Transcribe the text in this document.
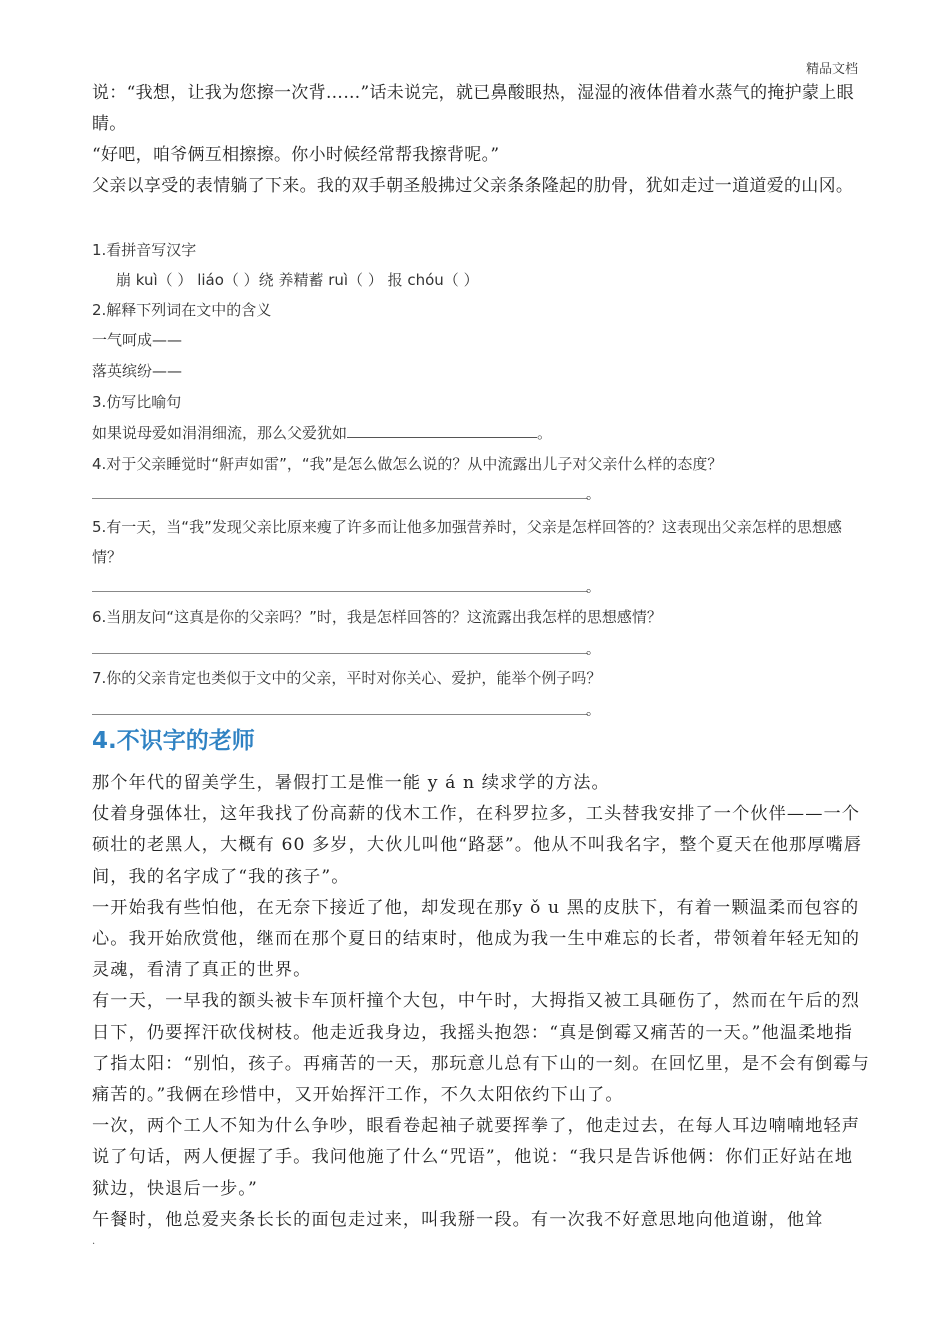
精品文档

说：“我想，让我为您擦一次背……”话未说完，就已鼻酸眼热，湿湿的液体借着水蒸气的掩护蒙上眼睛。

“好吧，咱爷俩互相擦擦。你小时候经常帮我擦背呢。”

父亲以享受的表情躺了下来。我的双手朝圣般拂过父亲条条隆起的肋骨，犹如走过一道道爱的山冈。

1.看拼音写汉字

崩 kuì（ ） liáo（ ）绕 养精蓄 ruì（ ） 报 chóu（ ）

2.解释下列词在文中的含义

一气呵成——

落英缤纷——

3.仿写比喻句

如果说母爱如涓涓细流，那么父爱犹如	。

4.对于父亲睡觉时“鼾声如雷”，“我”是怎么做怎么说的？从中流露出儿子对父亲什么样的态度？

。

5.有一天，当“我”发现父亲比原来瘦了许多而让他多加强营养时，父亲是怎样回答的？这表现出父亲怎样的思想感情？

。

6.当朋友问“这真是你的父亲吗？”时，我是怎样回答的？这流露出我怎样的思想感情？

。

7.你的父亲肯定也类似于文中的父亲，平时对你关心、爱护，能举个例子吗？

。
4.不识字的老师

那个年代的留美学生，暑假打工是惟一能 y á n 续求学的方法。

仗着身强体壮，这年我找了份高薪的伐木工作，在科罗拉多，工头替我安排了一个伙伴——一个硕壮的老黑人，大概有 60 多岁，大伙儿叫他“路瑟”。他从不叫我名字，整个夏天在他那厚嘴唇间，我的名字成了“我的孩子”。

一开始我有些怕他，在无奈下接近了他，却发现在那y ǒ u 黑的皮肤下，有着一颗温柔而包容的心。我开始欣赏他，继而在那个夏日的结束时，他成为我一生中难忘的长者，带领着年轻无知的灵魂，看清了真正的世界。

有一天，一早我的额头被卡车顶杆撞个大包，中午时，大拇指又被工具砸伤了，然而在午后的烈日下，仍要挥汗砍伐树枝。他走近我身边，我摇头抱怨：“真是倒霉又痛苦的一天。”他温柔地指了指太阳：“别怕，孩子。再痛苦的一天，那玩意儿总有下山的一刻。在回忆里，是不会有倒霉与痛苦的。”我俩在珍惜中，又开始挥汗工作，不久太阳依约下山了。

一次，两个工人不知为什么争吵，眼看卷起袖子就要挥拳了，他走过去，在每人耳边喃喃地轻声说了句话，两人便握了手。我问他施了什么“咒语”，他说：“我只是告诉他俩：你们正好站在地狱边，快退后一步。”

午餐时，他总爱夹条长长的面包走过来，叫我掰一段。有一次我不好意思地向他道谢，他耸

.
